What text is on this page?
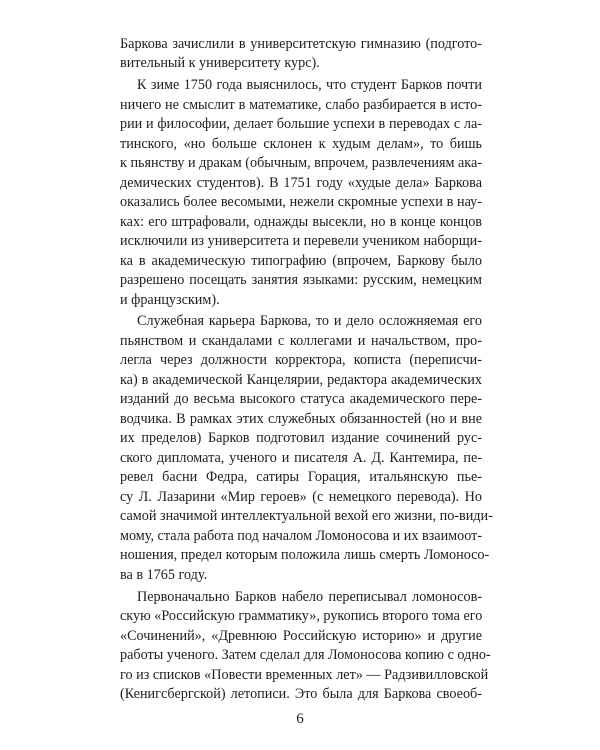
Баркова зачислили в университетскую гимназию (подгото-
вительный к университету курс).
К зиме 1750 года выяснилось, что студент Барков почти
ничего не смыслит в математике, слабо разбирается в исто-
рии и философии, делает большие успехи в переводах с ла-
тинского, «но больше склонен к худым делам», то бишь
к пьянству и дракам (обычным, впрочем, развлечениям ака-
демических студентов). В 1751 году «худые дела» Баркова
оказались более весомыми, нежели скромные успехи в нау-
ках: его штрафовали, однажды высекли, но в конце концов
исключили из университета и перевели учеником наборщи-
ка в академическую типографию (впрочем, Баркову было
разрешено посещать занятия языками: русским, немецким
и французским).
Служебная карьера Баркова, то и дело осложняемая его
пьянством и скандалами с коллегами и начальством, про-
легла через должности корректора, кописта (переписчи-
ка) в академической Канцелярии, редактора академических
изданий до весьма высокого статуса академического пере-
водчика. В рамках этих служебных обязанностей (но и вне
их пределов) Барков подготовил издание сочинений рус-
ского дипломата, ученого и писателя А. Д. Кантемира, пе-
ревел басни Федра, сатиры Горация, итальянскую пье-
су Л. Лазарини «Мир героев» (с немецкого перевода). Но
самой значимой интеллектуальной вехой его жизни, по-види-
мому, стала работа под началом Ломоносова и их взаимоот-
ношения, предел которым положила лишь смерть Ломоносо-
ва в 1765 году.
Первоначально Барков набело переписывал ломоносов-
скую «Российскую грамматику», рукопись второго тома его
«Сочинений», «Древнюю Российскую историю» и другие
работы ученого. Затем сделал для Ломоносова копию с одно-
го из списков «Повести временных лет» — Радзивилловской
(Кенигсбергской) летописи. Это была для Баркова своеоб-
6
